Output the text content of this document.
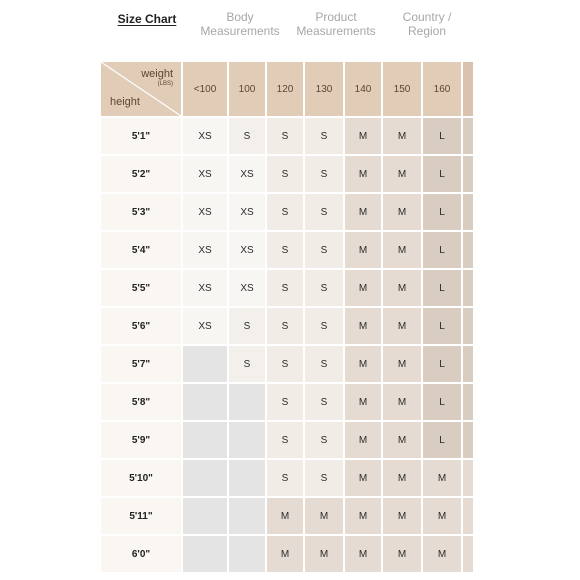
Size Chart	Body
Measurements
Product
Measurements
Country /
Region
weight
(LBS)
height	<100	100	120	130	140	150	160	
5'1"	XS	S	S	S	M	M	L	
5'2"	XS	XS	S	S	M	M	L	
5'3"	XS	XS	S	S	M	M	L	
5'4"	XS	XS	S	S	M	M	L	
5'5"	XS	XS	S	S	M	M	L	
5'6"	XS	S	S	S	M	M	L	
5'7"		S	S	S	M	M	L	
5'8"			S	S	M	M	L	
5'9"			S	S	M	M	L	
5'10"			S	S	M	M	M	
5'11"			M	M	M	M	M	
6'0"			M	M	M	M	M	
